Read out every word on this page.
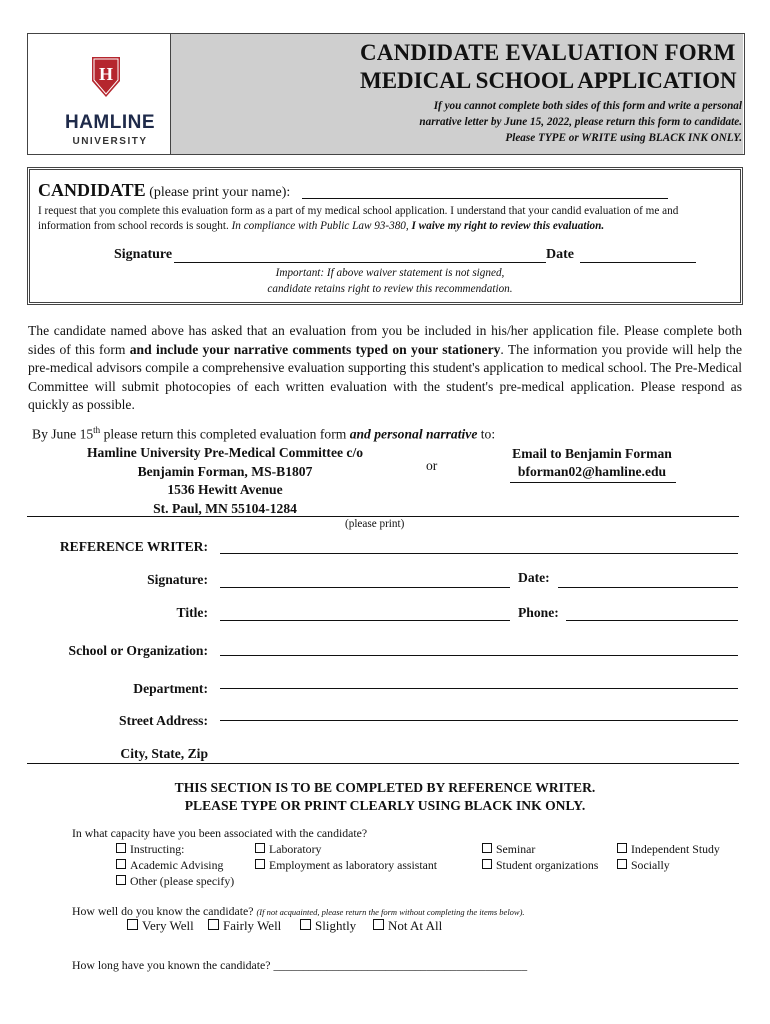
H
HAMLINE
UNIVERSITY
CANDIDATE EVALUATION FORM
MEDICAL SCHOOL APPLICATION
If you cannot complete both sides of this form and write a personal
narrative letter by June 15, 2022, please return this form to candidate.
Please TYPE or WRITE using BLACK INK ONLY.
CANDIDATE (please print your name):
I request that you complete this evaluation form as a part of my medical school application. I understand that your candid evaluation of me and information from school records is sought. In compliance with Public Law 93-380, I waive my right to review this evaluation.
Signature	Date
Important: If above waiver statement is not signed,
candidate retains right to review this recommendation.
The candidate named above has asked that an evaluation from you be included in his/her application file. Please complete both sides of this form and include your narrative comments typed on your stationery. The information you provide will help the pre-medical advisors compile a comprehensive evaluation supporting this student's application to medical school. The Pre-Medical Committee will submit photocopies of each written evaluation with the student's pre-medical application. Please respond as quickly as possible.
By June 15th please return this completed evaluation form and personal narrative to:
Hamline University Pre-Medical Committee c/o
Benjamin Forman, MS-B1807
1536 Hewitt Avenue
St. Paul, MN 55104-1284
or
Email to Benjamin Forman
bforman02@hamline.edu
(please print)
REFERENCE WRITER:
Signature:	Date:
Title:	Phone:
School or Organization:
Department:
Street Address:
City, State, Zip
THIS SECTION IS TO BE COMPLETED BY REFERENCE WRITER.
PLEASE TYPE OR PRINT CLEARLY USING BLACK INK ONLY.
In what capacity have you been associated with the candidate?
Instructing:	Laboratory	Seminar	Independent Study
Academic Advising	Employment as laboratory assistant	Student organizations	Socially
Other (please specify)
How well do you know the candidate? (If not acquainted, please return the form without completing the items below).
Very Well	Fairly Well	Slightly	Not At All
How long have you known the candidate? ___________________________________________
